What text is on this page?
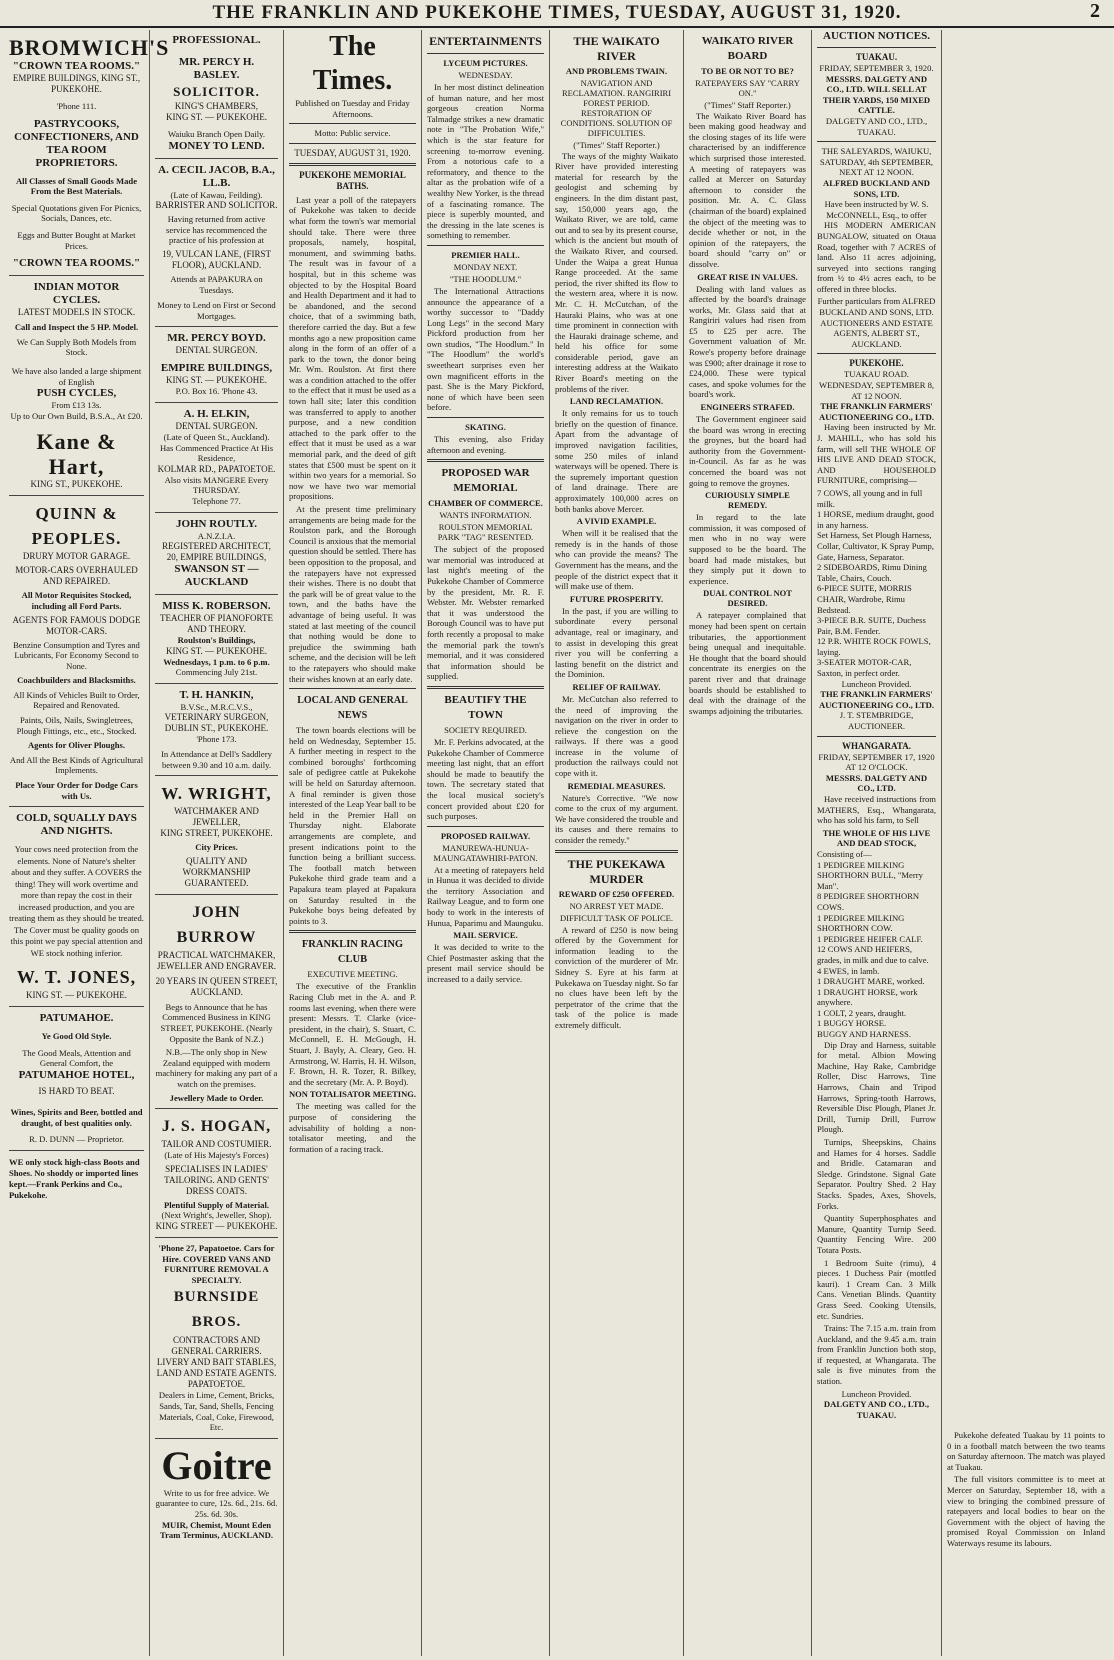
THE FRANKLIN AND PUKEKOHE TIMES, TUESDAY, AUGUST 31, 1920.	2
BROMWICH'S
"CROWN TEA ROOMS."
EMPIRE BUILDINGS, KING ST., PUKEKOHE.
'Phone 111.
PASTRYCOOKS, CONFECTIONERS, AND TEA ROOM PROPRIETORS.
All Classes of Small Goods Made From the Best Materials.
Special Quotations given For Picnics, Socials, Dances, etc.
Eggs and Butter Bought at Market Prices.
"CROWN TEA ROOMS."
INDIAN MOTOR CYCLES.
LATEST MODELS IN STOCK.
Call and Inspect the 5 HP. Model.
We Can Supply Both Models from Stock.
We have also landed a large shipment of English
PUSH CYCLES,
From £13 13s.
Up to Our Own Build, B.S.A., At £20.
Kane & Hart,
KING ST., PUKEKOHE.
QUINN & PEOPLES.
DRURY MOTOR GARAGE.
MOTOR-CARS OVERHAULED AND REPAIRED.
All Motor Requisites Stocked, including all Ford Parts.
AGENTS FOR FAMOUS DODGE MOTOR-CARS.
Benzine Consumption and Tyres and Lubricants, For Economy Second to None.
Coachbuilders and Blacksmiths.
All Kinds of Vehicles Built to Order, Repaired and Renovated.
Paints, Oils, Nails, Swingletrees, Plough Fittings, etc., etc., Stocked.
Agents for Oliver Ploughs.
And All the Best Kinds of Agricultural Implements.
Place Your Order for Dodge Cars with Us.
COLD, SQUALLY DAYS AND NIGHTS.
Your cows need protection from the elements. None of Nature's shelter about and they suffer. A COVERS the thing! They will work overtime and more than repay the cost in their increased production, and you are treating them as they should be treated. The Cover must be quality goods on this point we pay special attention and WE stock nothing inferior.
W. T. JONES,
KING ST. — PUKEKOHE.
PATUMAHOE.
Ye Good Old Style.
The Good Meals, Attention and General Comfort, the
PATUMAHOE HOTEL,
IS HARD TO BEAT.
Wines, Spirits and Beer, bottled and draught, of best qualities only.
R. D. DUNN — Proprietor.
WE only stock high-class Boots and Shoes. No shoddy or imported lines kept.—Frank Perkins and Co., Pukekohe.
PROFESSIONAL.
MR. PERCY H. BASLEY.
SOLICITOR.
KING'S CHAMBERS,
KING ST. — PUKEKOHE.
Waiuku Branch Open Daily.
MONEY TO LEND.
A. CECIL JACOB, B.A., LL.B.
(Late of Kawau, Feilding).
BARRISTER AND SOLICITOR.
Having returned from active service has recommenced the practice of his profession at
19, VULCAN LANE, (FIRST FLOOR), AUCKLAND.
Attends at PAPAKURA on Tuesdays.
Money to Lend on First or Second Mortgages.
MR. PERCY BOYD.
DENTAL SURGEON.
EMPIRE BUILDINGS,
KING ST. — PUKEKOHE.
P.O. Box 16. 'Phone 43.
A. H. ELKIN,
DENTAL SURGEON.
(Late of Queen St., Auckland).
Has Commenced Practice At His Residence,
KOLMAR RD., PAPATOETOE.
Also visits MANGERE Every THURSDAY.
Telephone 77.
JOHN ROUTLY.
A.N.Z.I.A.
REGISTERED ARCHITECT,
20, EMPIRE BUILDINGS,
SWANSON ST — AUCKLAND
MISS K. ROBERSON.
TEACHER OF PIANOFORTE AND THEORY.
Roulston's Buildings,
KING ST. — PUKEKOHE.
Wednesdays, 1 p.m. to 6 p.m.
Commencing July 21st.
T. H. HANKIN,
B.V.Sc., M.R.C.V.S.,
VETERINARY SURGEON,
DUBLIN ST., PUKEKOHE.
'Phone 173.
In Attendance at Dell's Saddlery between 9.30 and 10 a.m. daily.
W. WRIGHT,
WATCHMAKER AND JEWELLER,
KING STREET, PUKEKOHE.
City Prices.
QUALITY AND WORKMANSHIP GUARANTEED.
JOHN BURROW
PRACTICAL WATCHMAKER, JEWELLER AND ENGRAVER.
20 YEARS IN QUEEN STREET, AUCKLAND.
Begs to Announce that he has Commenced Business in KING STREET, PUKEKOHE. (Nearly Opposite the Bank of N.Z.)
N.B.—The only shop in New Zealand equipped with modern machinery for making any part of a watch on the premises.
Jewellery Made to Order.
J. S. HOGAN,
TAILOR AND COSTUMIER.
(Late of His Majesty's Forces)
SPECIALISES IN LADIES' TAILORING. AND GENTS' DRESS COATS.
Plentiful Supply of Material.
(Next Wright's, Jeweller, Shop).
KING STREET — PUKEKOHE.
'Phone 27, Papatoetoe. Cars for Hire. COVERED VANS AND FURNITURE REMOVAL A SPECIALTY.
BURNSIDE BROS.
CONTRACTORS AND GENERAL CARRIERS.
LIVERY AND BAIT STABLES, LAND AND ESTATE AGENTS. PAPATOETOE.
Dealers in Lime, Cement, Bricks, Sands, Tar, Sand, Shells, Fencing Materials, Coal, Coke, Firewood, Etc.
Goitre
Write to us for free advice. We guarantee to cure, 12s. 6d., 21s. 6d. 25s. 6d. 30s.
MUIR, Chemist, Mount Eden Tram Terminus, AUCKLAND.
The Times.
Published on Tuesday and Friday Afternoons.
Motto: Public service.
TUESDAY, AUGUST 31, 1920.
PUKEKOHE MEMORIAL BATHS.

Last year a poll of the ratepayers of Pukekohe was taken to decide what form the town's war memorial should take. There were three proposals, namely, hospital, monument, and swimming baths. The result was in favour of a hospital, but in this scheme was objected to by the Hospital Board and Health Department and it had to be abandoned, and the second choice, that of a swimming bath, therefore carried the day. But a few months ago a new proposition came along in the form of an offer of a park to the town, the donor being Mr. Wm. Roulston. At first there was a condition attached to the offer to the effect that it must be used as a town hall site; later this condition was transferred to apply to another purpose, and a new condition attached to the park offer to the effect that it must be used as a war memorial park, and the deed of gift states that £500 must be spent on it within two years for a memorial. So now we have two war memorial propositions.

At the present time preliminary arrangements are being made for the Roulston park, and the Borough Council is anxious that the memorial question should be settled. There has been opposition to the proposal, and the ratepayers have not expressed their wishes. There is no doubt that the park will be of great value to the town, and the baths have the advantage of being useful. It was stated at last meeting of the council that nothing would be done to prejudice the swimming bath scheme, and the decision will be left to the ratepayers who should make their wishes known at an early date.

LOCAL AND GENERAL NEWS

The town boards elections will be held on Wednesday, September 15. A further meeting in respect to the combined boroughs' forthcoming sale of pedigree cattle at Pukekohe will be held on Saturday afternoon. A final reminder is given those interested of the Leap Year ball to be held in the Premier Hall on Thursday night. Elaborate arrangements are complete, and present indications point to the function being a brilliant success. The football match between Pukekohe third grade team and a Papakura team played at Papakura on Saturday resulted in the Pukekohe boys being defeated by points to 3.

FRANKLIN RACING CLUB
EXECUTIVE MEETING.

The executive of the Franklin Racing Club met in the A. and P. rooms last evening, when there were present: Messrs. T. Clarke (vice-president, in the chair), S. Stuart, C. McConnell, E. H. McGough, H. Stuart, J. Bayly, A. Cleary, Geo. H. Armstrong, W. Harris, H. H. Wilson, F. Brown, H. R. Tozer, R. Bilkey, and the secretary (Mr. A. P. Boyd).

NON TOTALISATOR MEETING.

The meeting was called for the purpose of considering the advisability of holding a non-totalisator meeting, and the formation of a racing track.

ENTERTAINMENTS
LYCEUM PICTURES.
WEDNESDAY.

In her most distinct delineation of human nature, and her most gorgeous creation Norma Talmadge strikes a new dramatic note in "The Probation Wife," which is the star feature for screening to-morrow evening. From a notorious cafe to a reformatory, and thence to the altar as the probation wife of a wealthy New Yorker, is the thread of a fascinating romance. The piece is superbly mounted, and the dressing in the late scenes is something to remember.

PREMIER HALL.
MONDAY NEXT.
"THE HOODLUM."

The International Attractions announce the appearance of a worthy successor to "Daddy Long Legs" in the second Mary Pickford production from her own studios, "The Hoodlum." In "The Hoodlum" the world's sweetheart surprises even her own magnificent efforts in the past. She is the Mary Pickford, none of which have been seen before.

SKATING.

This evening, also Friday afternoon and evening.

PROPOSED WAR MEMORIAL
CHAMBER OF COMMERCE.
WANTS INFORMATION.
ROULSTON MEMORIAL PARK "TAG" RESENTED.

The subject of the proposed war memorial was introduced at last night's meeting of the Pukekohe Chamber of Commerce by the president, Mr. R. F. Webster. Mr. Webster remarked that it was understood the Borough Council was to have put forth recently a proposal to make the memorial park the town's memorial, and it was considered that information should be supplied.

BEAUTIFY THE TOWN
SOCIETY REQUIRED.

Mr. F. Perkins advocated, at the Pukekohe Chamber of Commerce meeting last night, that an effort should be made to beautify the town. The secretary stated that the local musical society's concert provided about £20 for such purposes.

PROPOSED RAILWAY.
MANUREWA-HUNUA-MAUNGATAWHIRI-PATON.

At a meeting of ratepayers held in Hunua it was decided to divide the territory Association and Railway League, and to form one body to work in the interests of Hunua, Paparimu and Maunguku.

MAIL SERVICE.

It was decided to write to the Chief Postmaster asking that the present mail service should be increased to a daily service.

THE WAIKATO RIVER
AND PROBLEMS TWAIN.
NAVIGATION AND RECLAMATION. RANGIRIRI FOREST PERIOD. RESTORATION OF CONDITIONS. SOLUTION OF DIFFICULTIES.
("Times" Staff Reporter.)

The ways of the mighty Waikato River have provided interesting material for research by the geologist and scheming by engineers. In the dim distant past, say, 150,000 years ago, the Waikato River, we are told, came out and to sea by its present course, which is the ancient but mouth of the Waikato River, and coursed. Under the Waipa a great Hunua Range proceeded. At the same period, the river shifted its flow to the western area, where it is now. Mr. C. H. McCutchan, of the Hauraki Plains, who was at one time prominent in connection with the Hauraki drainage scheme, and held his office for some considerable period, gave an interesting address at the Waikato River Board's meeting on the problems of the river.

LAND RECLAMATION.

It only remains for us to touch briefly on the question of finance. Apart from the advantage of improved navigation facilities, some 250 miles of inland waterways will be opened. There is the supremely important question of land drainage. There are approximately 100,000 acres on both banks above Mercer.

A VIVID EXAMPLE.

When will it be realised that the remedy is in the hands of those who can provide the means? The Government has the means, and the people of the district expect that it will make use of them.

FUTURE PROSPERITY.

In the past, if you are willing to subordinate every personal advantage, real or imaginary, and to assist in developing this great river you will be conferring a lasting benefit on the district and the Dominion.

RELIEF OF RAILWAY.

Mr. McCutchan also referred to the need of improving the navigation on the river in order to relieve the congestion on the railways. If there was a good increase in the volume of production the railways could not cope with it.

REMEDIAL MEASURES.

Nature's Corrective. "We now come to the crux of my argument. We have considered the trouble and its causes and there remains to consider the remedy."

THE PUKEKAWA MURDER
REWARD OF £250 OFFERED.
NO ARREST YET MADE.
DIFFICULT TASK OF POLICE.

A reward of £250 is now being offered by the Government for information leading to the conviction of the murderer of Mr. Sidney S. Eyre at his farm at Pukekawa on Tuesday night. So far no clues have been left by the perpetrator of the crime that the task of the police is made extremely difficult.

WAIKATO RIVER BOARD
TO BE OR NOT TO BE?
RATEPAYERS SAY "CARRY ON."
("Times" Staff Reporter.)

The Waikato River Board has been making good headway and the closing stages of its life were characterised by an indifference which surprised those interested. A meeting of ratepayers was called at Mercer on Saturday afternoon to consider the position. Mr. A. C. Glass (chairman of the board) explained the object of the meeting was to decide whether or not, in the opinion of the ratepayers, the board should "carry on" or dissolve.

GREAT RISE IN VALUES.

Dealing with land values as affected by the board's drainage works, Mr. Glass said that at Rangiriri values had risen from £5 to £25 per acre. The Government valuation of Mr. Rowe's property before drainage was £900; after drainage it rose to £24,000. These were typical cases, and spoke volumes for the board's work.

ENGINEERS STRAFED.

The Government engineer said the board was wrong in erecting the groynes, but the board had authority from the Government-in-Council. As far as he was concerned the board was not going to remove the groynes.

CURIOUSLY SIMPLE REMEDY.

In regard to the late commission, it was composed of men who in no way were supposed to be the board. The board had made mistakes, but they simply put it down to experience.

DUAL CONTROL NOT DESIRED.

A ratepayer complained that money had been spent on certain tributaries, the apportionment being unequal and inequitable. He thought that the board should concentrate its energies on the parent river and that drainage boards should be established to deal with the drainage of the swamps adjoining the tributaries.

AUCTION NOTICES.
TUAKAU.
FRIDAY, SEPTEMBER 3, 1920.
MESSRS. DALGETY AND CO., LTD. WILL SELL AT THEIR YARDS, 150 MIXED CATTLE.
DALGETY AND CO., LTD., TUAKAU.
THE SALEYARDS, WAIUKU, SATURDAY, 4th SEPTEMBER, NEXT AT 12 NOON.
ALFRED BUCKLAND AND SONS, LTD.
Have been instructed by W. S. McCONNELL, Esq., to offer

HIS MODERN AMERICAN BUNGALOW, situated on Otaua Road, together with 7 ACRES of land. Also 11 acres adjoining, surveyed into sections ranging from ½ to 4½ acres each, to be offered in three blocks.

Further particulars from ALFRED BUCKLAND AND SONS, LTD. AUCTIONEERS AND ESTATE AGENTS, ALBERT ST., AUCKLAND.
PUKEKOHE.
TUAKAU ROAD.
WEDNESDAY, SEPTEMBER 8, AT 12 NOON.
THE FRANKLIN FARMERS' AUCTIONEERING CO., LTD.

Having been instructed by Mr. J. MAHILL, who has sold his farm, will sell THE WHOLE OF HIS LIVE AND DEAD STOCK, AND HOUSEHOLD FURNITURE, comprising—

7 COWS, all young and in full milk.
1 HORSE, medium draught, good in any harness.
Set Harness, Set Plough Harness, Collar, Cultivator, K Spray Pump, Gate, Harness, Separator.
2 SIDEBOARDS, Rimu Dining Table, Chairs, Couch.
6-PIECE SUITE, MORRIS CHAIR, Wardrobe, Rimu Bedstead.
3-PIECE B.R. SUITE, Duchess Pair, B.M. Fender.
12 P.R. WHITE ROCK FOWLS, laying.
3-SEATER MOTOR-CAR, Saxton, in perfect order.
Luncheon Provided.
THE FRANKLIN FARMERS' AUCTIONEERING CO., LTD.
J. T. STEMBRIDGE, AUCTIONEER.
WHANGARATA.
FRIDAY, SEPTEMBER 17, 1920 AT 12 O'CLOCK.
MESSRS. DALGETY AND CO., LTD.

Have received instructions from MATHERS, Esq., Whangarata, who has sold his farm, to Sell

THE WHOLE OF HIS LIVE AND DEAD STOCK,
Consisting of—
1 PEDIGREE MILKING SHORTHORN BULL, "Merry Man".
8 PEDIGREE SHORTHORN COWS.
1 PEDIGREE MILKING SHORTHORN COW.
1 PEDIGREE HEIFER CALF.
12 COWS AND HEIFERS, grades, in milk and due to calve.
4 EWES, in lamb.
1 DRAUGHT MARE, worked.
1 DRAUGHT HORSE, work anywhere.
1 COLT, 2 years, draught.
1 BUGGY HORSE.
BUGGY AND HARNESS.

Dip Dray and Harness, suitable for metal. Albion Mowing Machine, Hay Rake, Cambridge Roller, Disc Harrows, Tine Harrows, Chain and Tripod Harrows, Spring-tooth Harrows, Reversible Disc Plough, Planet Jr. Drill, Turnip Drill, Furrow Plough.

Turnips, Sheepskins, Chains and Hames for 4 horses. Saddle and Bridle. Catamaran and Sledge. Grindstone. Signal Gate Separator. Poultry Shed. 2 Hay Stacks. Spades, Axes, Shovels, Forks.

Quantity Superphosphates and Manure, Quantity Turnip Seed. Quantity Fencing Wire. 200 Totara Posts.

1 Bedroom Suite (rimu), 4 pieces. 1 Duchess Pair (mottled kauri). 1 Cream Can. 3 Milk Cans. Venetian Blinds. Quantity Grass Seed. Cooking Utensils, etc. Sundries.

Trains: The 7.15 a.m. train from Auckland, and the 9.45 a.m. train from Franklin Junction both stop, if requested, at Whangarata. The sale is five minutes from the station.

Luncheon Provided.
DALGETY AND CO., LTD., TUAKAU.

Pukekohe defeated Tuakau by 11 points to 0 in a football match between the two teams on Saturday afternoon. The match was played at Tuakau.

The full visitors committee is to meet at Mercer on Saturday, September 18, with a view to bringing the combined pressure of ratepayers and local bodies to bear on the Government with the object of having the promised Royal Commission on Inland Waterways resume its labours.
